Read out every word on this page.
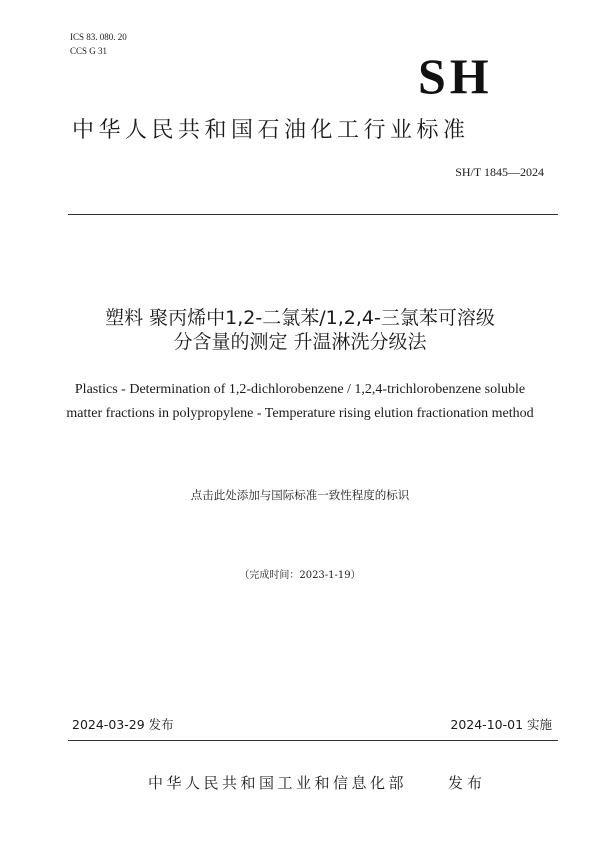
ICS 83. 080. 20
CCS G 31	SH
中华人民共和国石油化工行业标准
SH/T 1845—2024
塑料 聚丙烯中1,2-二氯苯/1,2,4-三氯苯可溶级
分含量的测定 升温淋洗分级法
Plastics - Determination of 1,2-dichlorobenzene / 1,2,4-trichlorobenzene soluble
matter fractions in polypropylene - Temperature rising elution fractionation method
点击此处添加与国际标准一致性程度的标识
（完成时间：2023-1-19）
2024-03-29 发布	2024-10-01 实施
中华人民共和国工业和信息化部	发布
